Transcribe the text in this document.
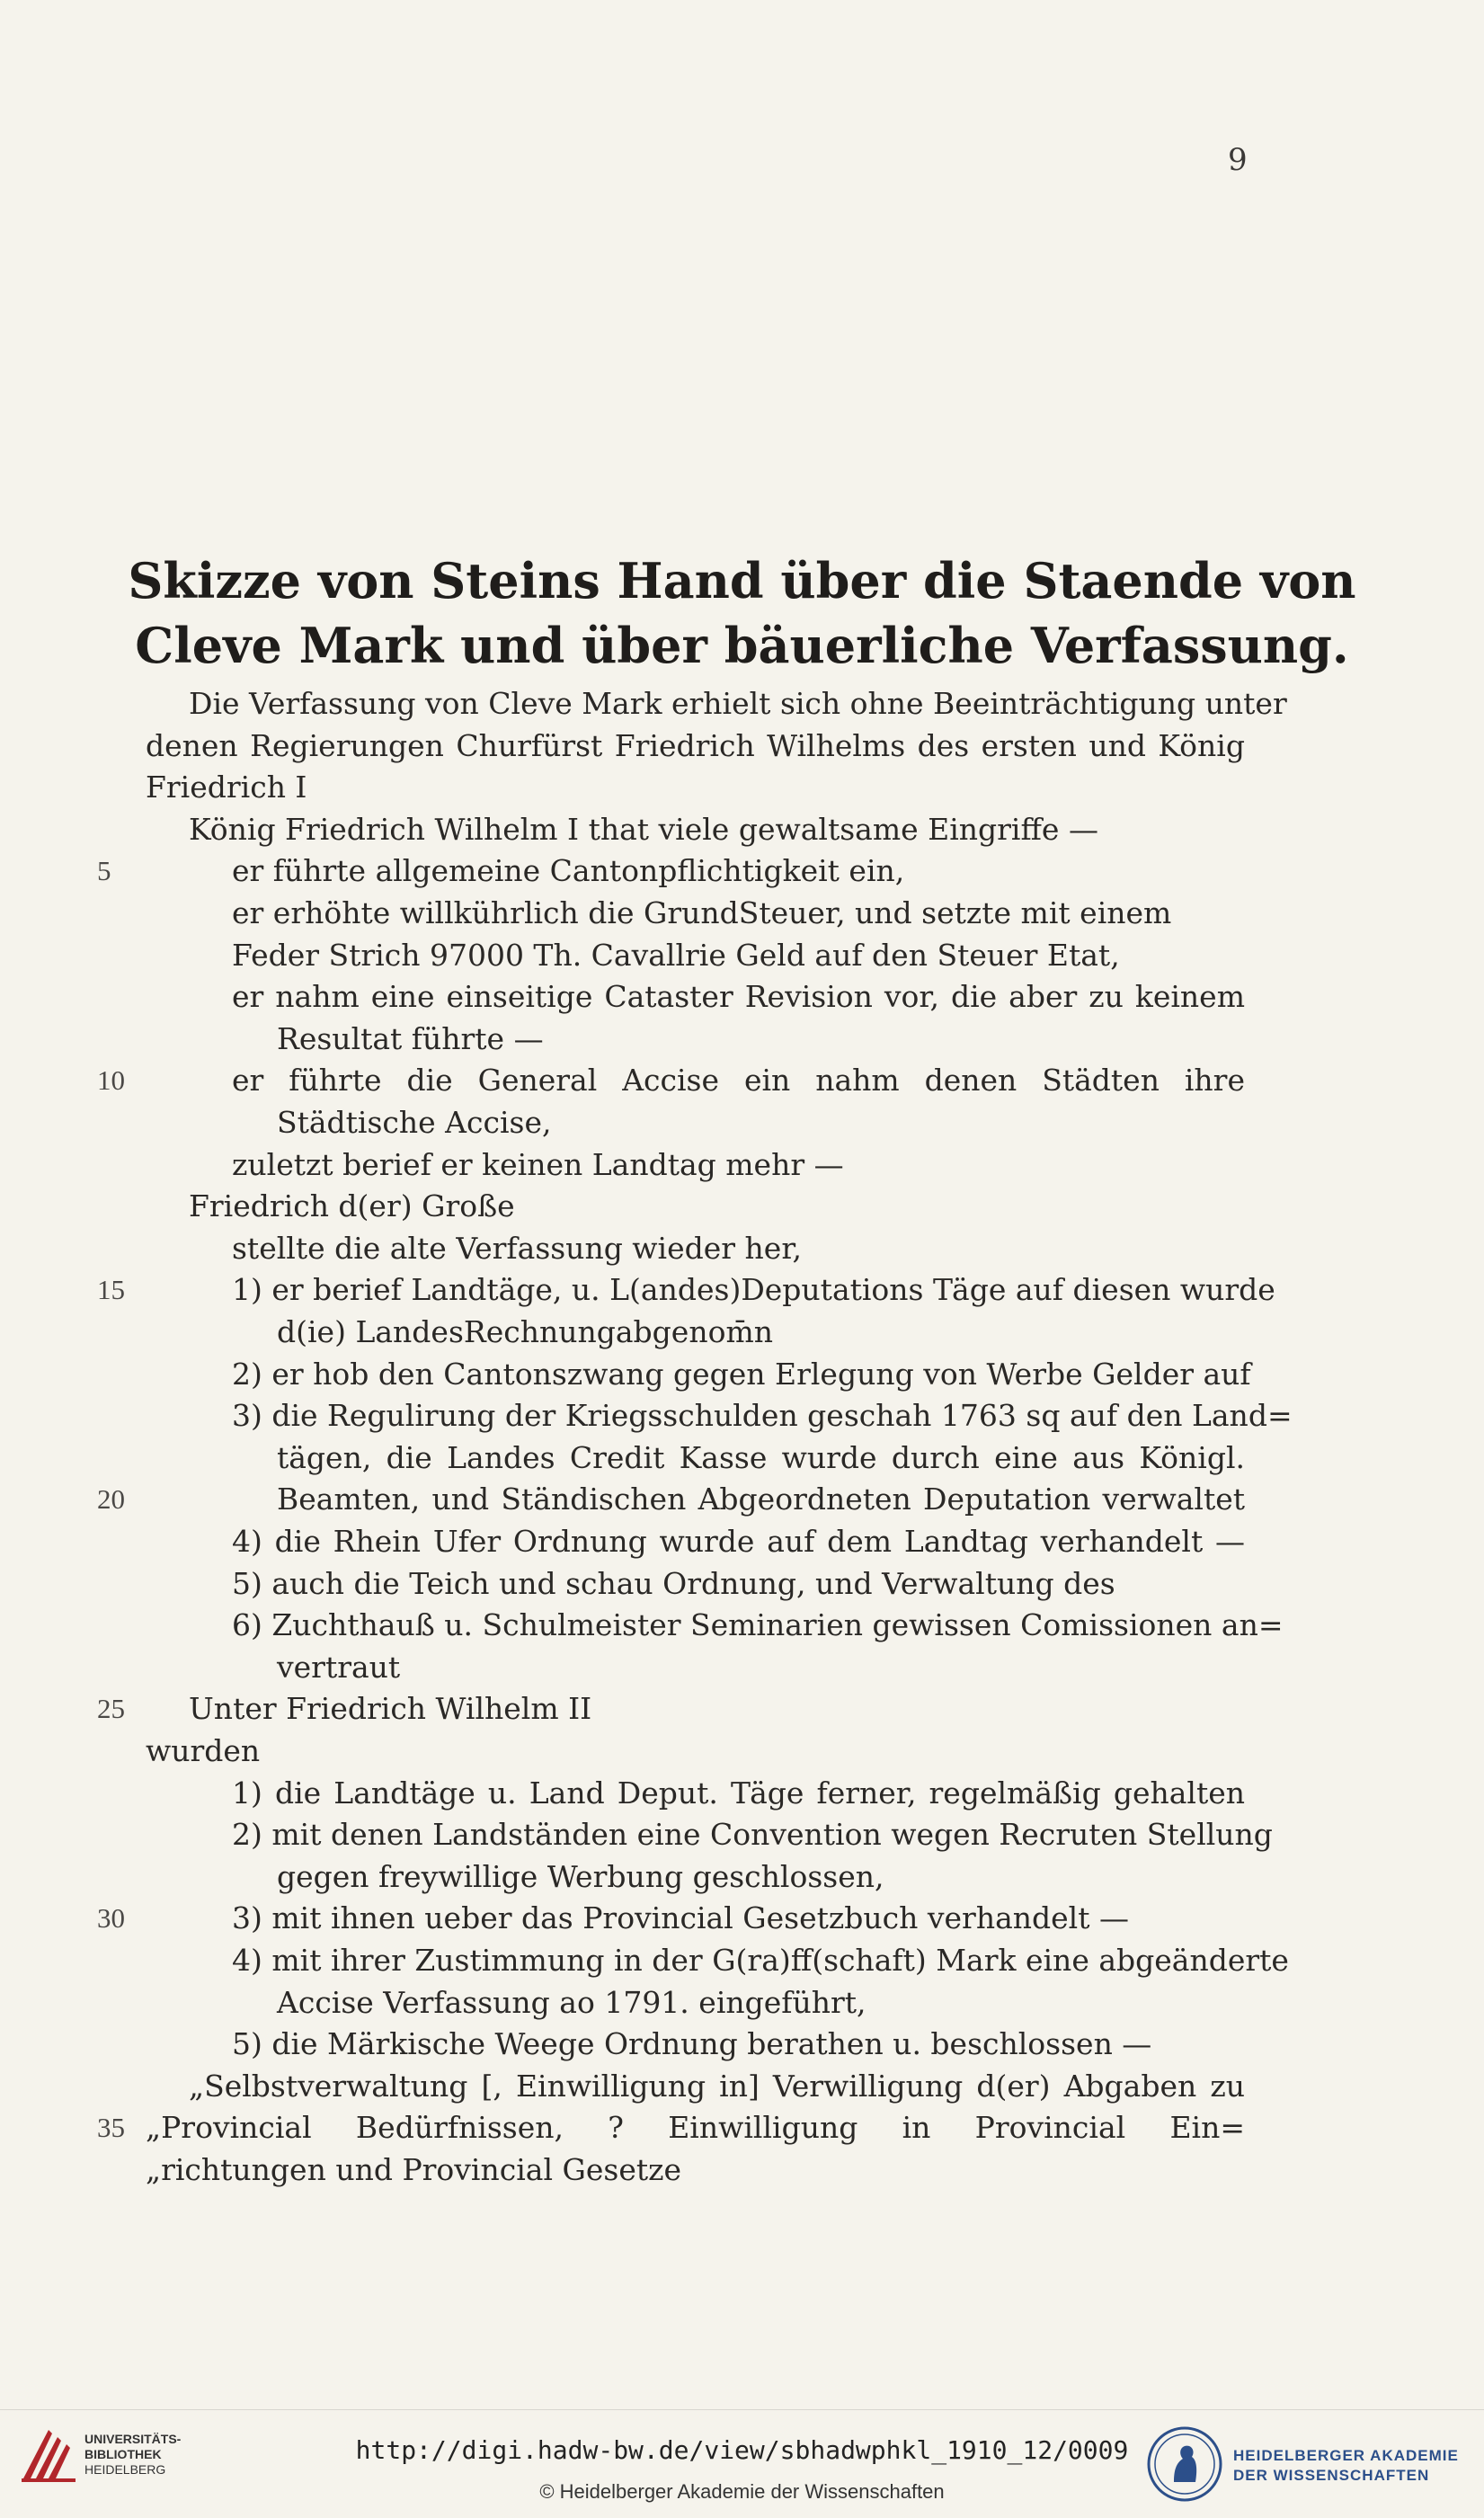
9
Skizze von Steins Hand über die Staende von
Cleve Mark und über bäuerliche Verfassung.
Die Verfassung von Cleve Mark erhielt sich ohne Beeinträchtigung unter
denen Regierungen Churfürst Friedrich Wilhelms des ersten und König
Friedrich I
König Friedrich Wilhelm I that viele gewaltsame Eingriffe —
5	er führte allgemeine Cantonpflichtigkeit ein,
er erhöhte willkührlich die GrundSteuer, und setzte mit einem
Feder Strich 97000 Th. Cavallrie Geld auf den Steuer Etat,
er nahm eine einseitige Cataster Revision vor, die aber zu keinem
Resultat führte —
10	er führte die General Accise ein nahm denen Städten ihre
Städtische Accise,
zuletzt berief er keinen Landtag mehr —
Friedrich d(er) Große
stellte die alte Verfassung wieder her,
15	1) er berief Landtäge, u. L(andes)Deputations Täge auf diesen wurde
d(ie) LandesRechnungabgenom̄n
2) er hob den Cantonszwang gegen Erlegung von Werbe Gelder auf
3) die Regulirung der Kriegsschulden geschah 1763 sq auf den Land=
tägen, die Landes Credit Kasse wurde durch eine aus Königl.
20	Beamten, und Ständischen Abgeordneten Deputation verwaltet
4) die Rhein Ufer Ordnung wurde auf dem Landtag verhandelt —
5) auch die Teich und schau Ordnung, und Verwaltung des
6) Zuchthauß u. Schulmeister Seminarien gewissen Comissionen an=
vertraut
25	Unter Friedrich Wilhelm II
wurden
1) die Landtäge u. Land Deput. Täge ferner, regelmäßig gehalten
2) mit denen Landständen eine Convention wegen Recruten Stellung
gegen freywillige Werbung geschlossen,
30	3) mit ihnen ueber das Provincial Gesetzbuch verhandelt —
4) mit ihrer Zustimmung in der G(ra)ff(schaft) Mark eine abgeänderte
Accise Verfassung ao 1791. eingeführt,
5) die Märkische Weege Ordnung berathen u. beschlossen —
„Selbstverwaltung [, Einwilligung in] Verwilligung d(er) Abgaben zu
35 „Provincial Bedürfnissen, ? Einwilligung in Provincial Ein=
„richtungen und Provincial Gesetze
UNIVERSITÄTS-
BIBLIOTHEK
HEIDELBERG
http://digi.hadw-bw.de/view/sbhadwphkl_1910_12/0009
© Heidelberger Akademie der Wissenschaften
HEIDELBERGER AKADEMIE
DER WISSENSCHAFTEN
